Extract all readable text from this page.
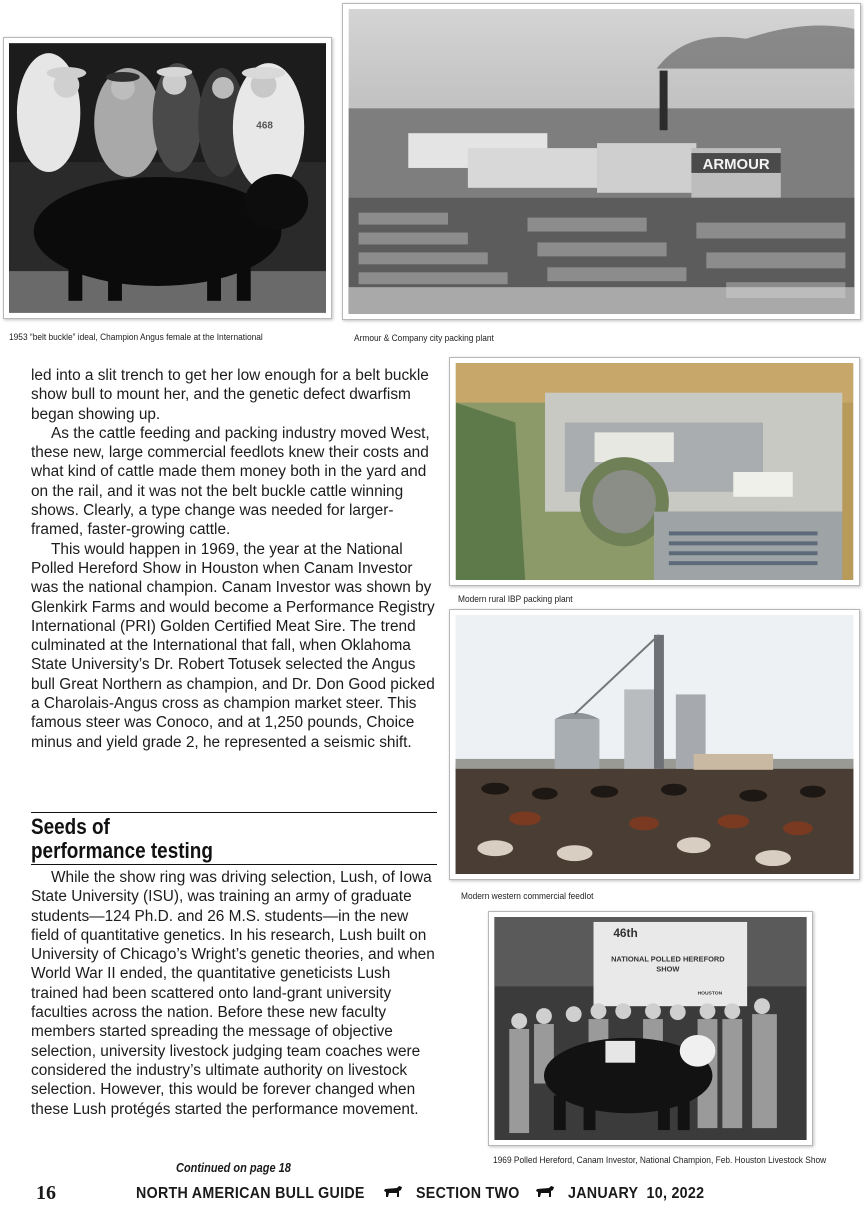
468
1953 “belt buckle” ideal, Champion Angus female at the International
ARMOUR
Armour & Company city packing plant
Modern rural IBP packing plant
Modern western commercial feedlot
46th
NATIONAL POLLED HEREFORD
SHOW
HOUSTON
1969 Polled Hereford, Canam Investor, National Champion, Feb. Houston Livestock Show

led into a slit trench to get her low enough for a belt buckle show bull to mount her, and the genetic defect dwarfism began showing up.

As the cattle feeding and packing industry moved West, these new, large commercial feedlots knew their costs and what kind of cattle made them money both in the yard and on the rail, and it was not the belt buckle cattle winning shows. Clearly, a type change was needed for larger-framed, faster-growing cattle.

This would happen in 1969, the year at the National Polled Hereford Show in Houston when Canam Investor was the national champion. Canam Investor was shown by Glenkirk Farms and would become a Performance Registry International (PRI) Golden Certified Meat Sire. The trend culminated at the International that fall, when Oklahoma State University’s Dr. Robert Totusek selected the Angus bull Great Northern as champion, and Dr. Don Good picked a Charolais-Angus cross as champion market steer. This famous steer was Conoco, and at 1,250 pounds, Choice minus and yield grade 2, he represented a seismic shift.

Seeds of
performance testing

While the show ring was driving selection, Lush, of Iowa State University (ISU), was training an army of graduate students—124 Ph.D. and 26 M.S. students—in the new field of quantitative genetics. In his research, Lush built on University of Chicago’s Wright’s genetic theories, and when World War II ended, the quantitative geneticists Lush trained had been scattered onto land-grant university faculties across the nation. Before these new faculty members started spreading the message of objective selection, university livestock judging team coaches were considered the industry’s ultimate authority on livestock selection. However, this would be forever changed when these Lush protégés started the performance movement.

Continued on page 18
16	NORTH AMERICAN BULL GUIDE	SECTION TWO	JANUARY  10, 2022
